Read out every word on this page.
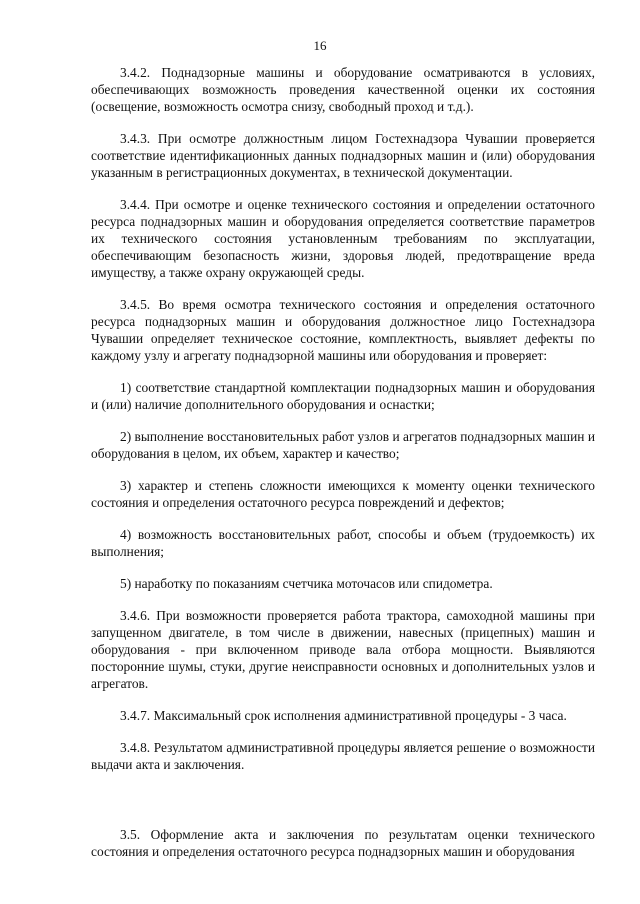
16

3.4.2. Поднадзорные машины и оборудование осматриваются в условиях, обеспечивающих возможность проведения качественной оценки их состояния (освещение, возможность осмотра снизу, свободный проход и т.д.).

3.4.3. При осмотре должностным лицом Гостехнадзора Чувашии проверяется соответствие идентификационных данных поднадзорных машин и (или) оборудования указанным в регистрационных документах, в технической документации.

3.4.4. При осмотре и оценке технического состояния и определении остаточного ресурса поднадзорных машин и оборудования определяется соответствие параметров их технического состояния установленным требованиям по эксплуатации, обеспечивающим безопасность жизни, здоровья людей, предотвращение вреда имуществу, а также охрану окружающей среды.

3.4.5. Во время осмотра технического состояния и определения остаточного ресурса поднадзорных машин и оборудования должностное лицо Гостехнадзора Чувашии определяет техническое состояние, комплектность, выявляет дефекты по каждому узлу и агрегату поднадзорной машины или оборудования и проверяет:

1) соответствие стандартной комплектации поднадзорных машин и оборудования и (или) наличие дополнительного оборудования и оснастки;

2) выполнение восстановительных работ узлов и агрегатов поднадзорных машин и оборудования в целом, их объем, характер и качество;

3) характер и степень сложности имеющихся к моменту оценки технического состояния и определения остаточного ресурса повреждений и дефектов;

4) возможность восстановительных работ, способы и объем (трудоемкость) их выполнения;

5) наработку по показаниям счетчика моточасов или спидометра.

3.4.6. При возможности проверяется работа трактора, самоходной машины при запущенном двигателе, в том числе в движении, навесных (прицепных) машин и оборудования - при включенном приводе вала отбора мощности. Выявляются посторонние шумы, стуки, другие неисправности основных и дополнительных узлов и агрегатов.

3.4.7. Максимальный срок исполнения административной процедуры - 3 часа.

3.4.8. Результатом административной процедуры является решение о возможности выдачи акта и заключения.

3.5. Оформление акта и заключения по результатам оценки технического состояния и определения остаточного ресурса поднадзорных машин и оборудования
